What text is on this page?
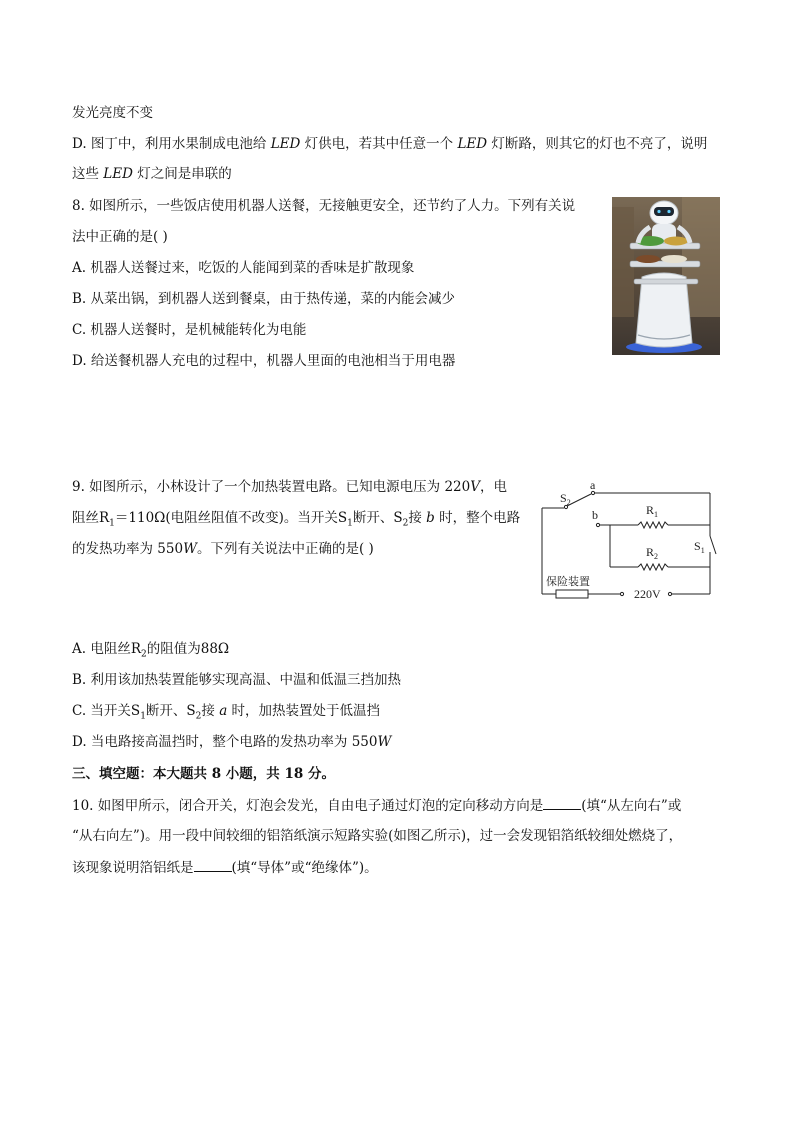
发光亮度不变
D. 图丁中，利用水果制成电池给 LED 灯供电，若其中任意一个 LED 灯断路，则其它的灯也不亮了，说明
这些 LED 灯之间是串联的
8. 如图所示，一些饭店使用机器人送餐，无接触更安全，还节约了人力。下列有关说
法中正确的是( )
A. 机器人送餐过来，吃饭的人能闻到菜的香味是扩散现象
B. 从菜出锅，到机器人送到餐桌，由于热传递，菜的内能会减少
C. 机器人送餐时，是机械能转化为电能
D. 给送餐机器人充电的过程中，机器人里面的电池相当于用电器
9. 如图所示，小林设计了一个加热装置电路。已知电源电压为 220V，电
阻丝$R_1=110\Omega$(电阻丝阻值不改变)。当开关$S_1$断开、$S_2$接 b 时，整个电路
的发热功率为 550W。下列有关说法中正确的是( )
$S_2$
a
b	$R_1$
$R_2$
$S_1$
保险装置
220V
A. 电阻丝$R_2$的阻值为88Ω
B. 利用该加热装置能够实现高温、中温和低温三挡加热
C. 当开关$S_1$断开、$S_2$接 a 时，加热装置处于低温挡
D. 当电路接高温挡时，整个电路的发热功率为 550W
三、填空题：本大题共 8 小题，共 18 分。
10. 如图甲所示，闭合开关，灯泡会发光，自由电子通过灯泡的定向移动方向是	(填“从左向右”或
“从右向左”)。用一段中间较细的铝箔纸演示短路实验(如图乙所示)，过一会发现铝箔纸较细处燃烧了，
该现象说明箔铝纸是	(填“导体”或“绝缘体”)。
